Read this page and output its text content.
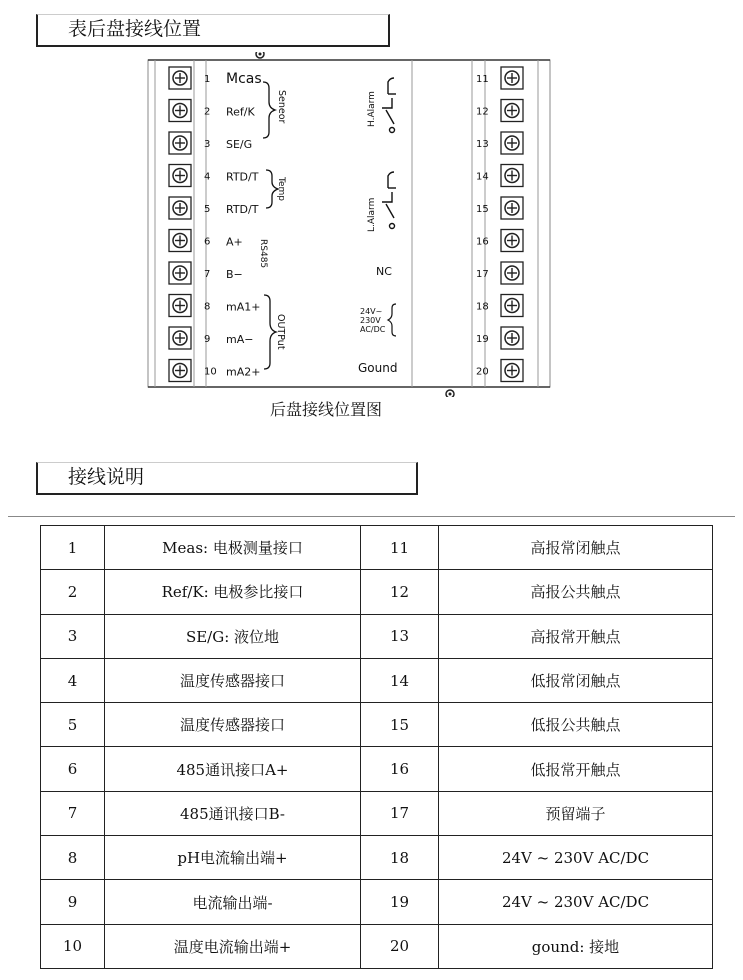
表后盘接线位置
1
2
3
4
5
6
7
8
9
10
Mcas
Ref/K
SE/G
RTD/T
RTD/T
A+
B−
mA1+
mA−
mA2+
11
12
13
14
15
16
17
18
19
20
Seneor
Temp
RS485
OUTPut
H.Alarm
L.Alarm
NC
24V~
230V
AC/DC
Gound
后盘接线位置图
接线说明
1	Meas: 电极测量接口	11	高报常闭触点
2	Ref/K: 电极参比接口	12	高报公共触点
3	SE/G: 液位地	13	高报常开触点
4	温度传感器接口	14	低报常闭触点
5	温度传感器接口	15	低报公共触点
6	485通讯接口A+	16	低报常开触点
7	485通讯接口B-	17	预留端子
8	pH电流输出端+	18	24V ~ 230V AC/DC
9	电流输出端-	19	24V ~ 230V AC/DC
10	温度电流输出端+	20	gound: 接地
